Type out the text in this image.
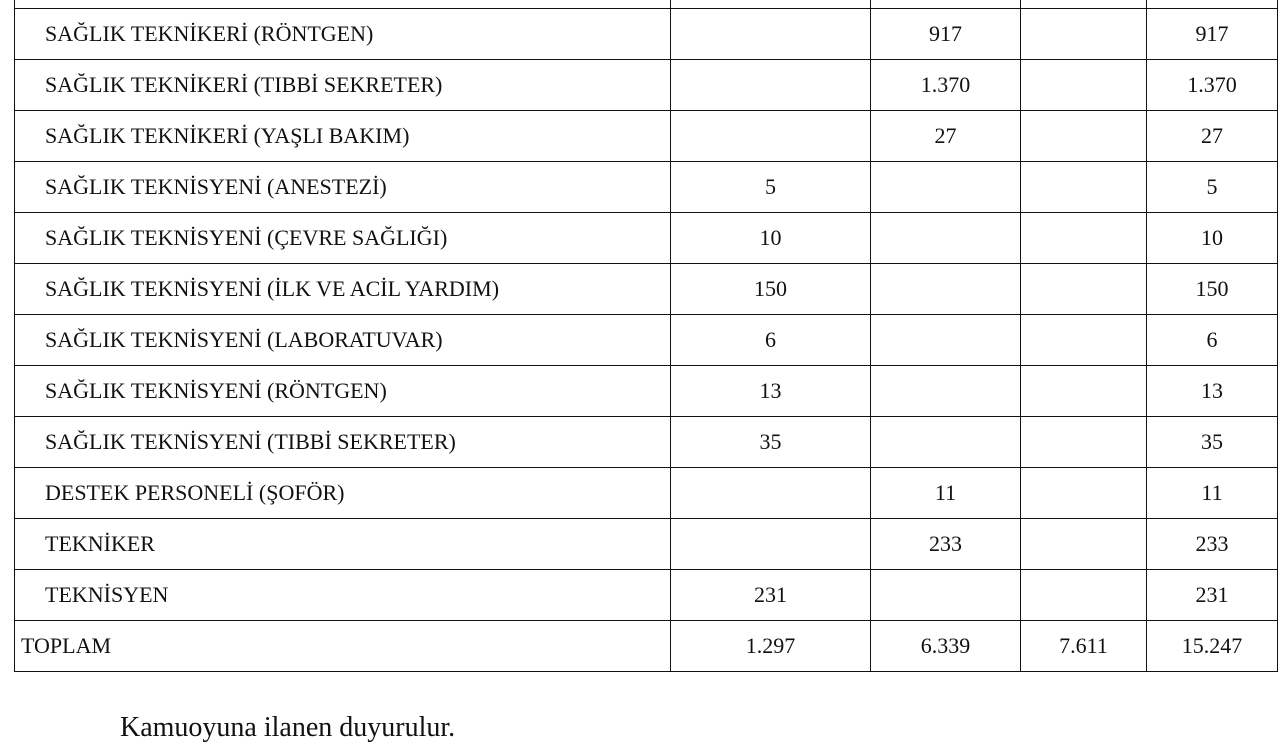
SAĞLIK TEKNİKERİ (RÖNTGEN)		917		917
SAĞLIK TEKNİKERİ (TIBBİ SEKRETER)		1.370		1.370
SAĞLIK TEKNİKERİ (YAŞLI BAKIM)		27		27
SAĞLIK TEKNİSYENİ (ANESTEZİ)	5			5
SAĞLIK TEKNİSYENİ (ÇEVRE SAĞLIĞI)	10			10
SAĞLIK TEKNİSYENİ (İLK VE ACİL YARDIM)	150			150
SAĞLIK TEKNİSYENİ (LABORATUVAR)	6			6
SAĞLIK TEKNİSYENİ (RÖNTGEN)	13			13
SAĞLIK TEKNİSYENİ (TIBBİ SEKRETER)	35			35
DESTEK PERSONELİ (ŞOFÖR)		11		11
TEKNİKER		233		233
TEKNİSYEN	231			231
TOPLAM	1.297	6.339	7.611	15.247

Kamuoyuna ilanen duyurulur.
